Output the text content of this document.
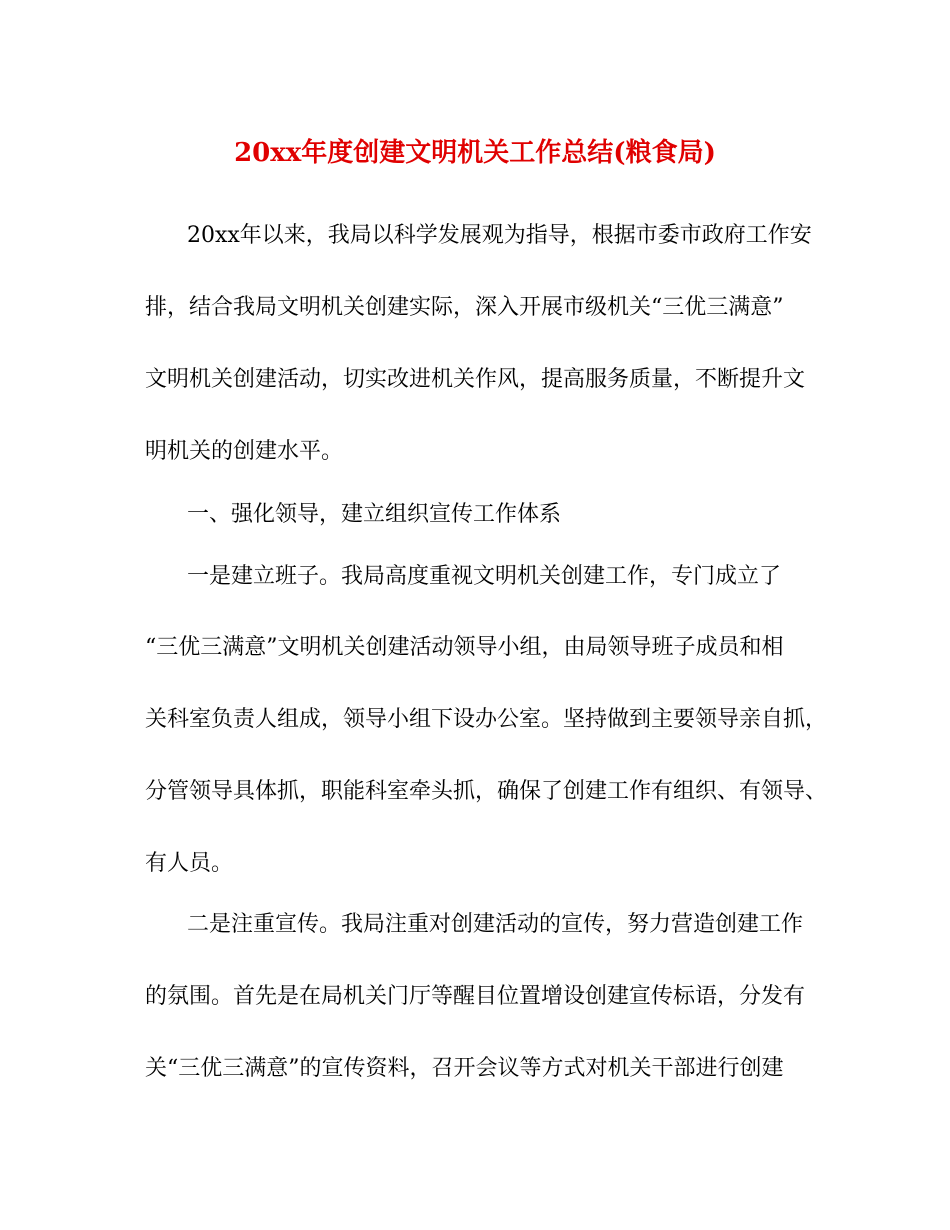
20xx年度创建文明机关工作总结(粮食局)
20xx年以来，我局以科学发展观为指导，根据市委市政府工作安
排，结合我局文明机关创建实际，深入开展市级机关“三优三满意”
文明机关创建活动，切实改进机关作风，提高服务质量，不断提升文
明机关的创建水平。
一、强化领导，建立组织宣传工作体系
一是建立班子。我局高度重视文明机关创建工作，专门成立了
“三优三满意”文明机关创建活动领导小组，由局领导班子成员和相
关科室负责人组成，领导小组下设办公室。坚持做到主要领导亲自抓，
分管领导具体抓，职能科室牵头抓，确保了创建工作有组织、有领导、
有人员。
二是注重宣传。我局注重对创建活动的宣传，努力营造创建工作
的氛围。首先是在局机关门厅等醒目位置增设创建宣传标语，分发有
关“三优三满意”的宣传资料，召开会议等方式对机关干部进行创建
